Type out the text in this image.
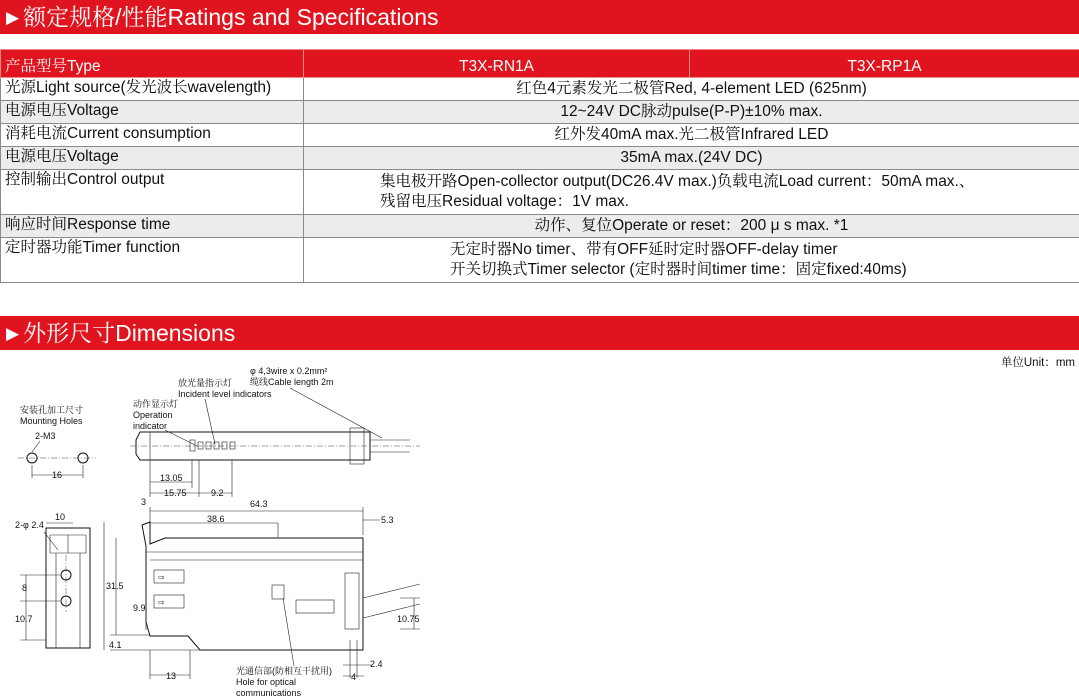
▶ 额定规格/性能Ratings and Specifications
产品型号Type	T3X-RN1A	T3X-RP1A
光源Light source(发光波长wavelength)	红色4元素发光二极管Red, 4-element LED (625nm)	
电源电压Voltage	12~24V DC脉动pulse(P-P)±10% max.	
消耗电流Current consumption	红外发40mA max.光二极管Infrared LED	
电源电压Voltage	35mA max.(24V DC)	
控制输出Control output	集电极开路Open-collector output(DC26.4V max.)负载电流Load current：50mA max.、
残留电压Residual voltage：1V max.	

响应时间Response time	动作、复位Operate or reset：200 μ s max. *1	
定时器功能Timer function	无定时器No timer、带有OFF延时定时器OFF-delay timer
开关切换式Timer selector (定时器时间timer time：固定fixed:40ms)	
▶ 外形尺寸Dimensions
单位Unit：mm
安装孔加工尺寸
Mounting Holes
2-M3
16
φ 4,3wire x 0.2mm²
缆线Cable length 2m
放光量指示灯
Incident level indicators
动作显示灯
Operation
indicator
13.05
15.75	9.2
3	64.3
38.6	5.3
⇨
⇨
31.5
9.9
4.1
13
10.75
2.4
4
光通信部(防相互干扰用)
Hole for optical
communications
10
2-φ 2.4
8
10.7
